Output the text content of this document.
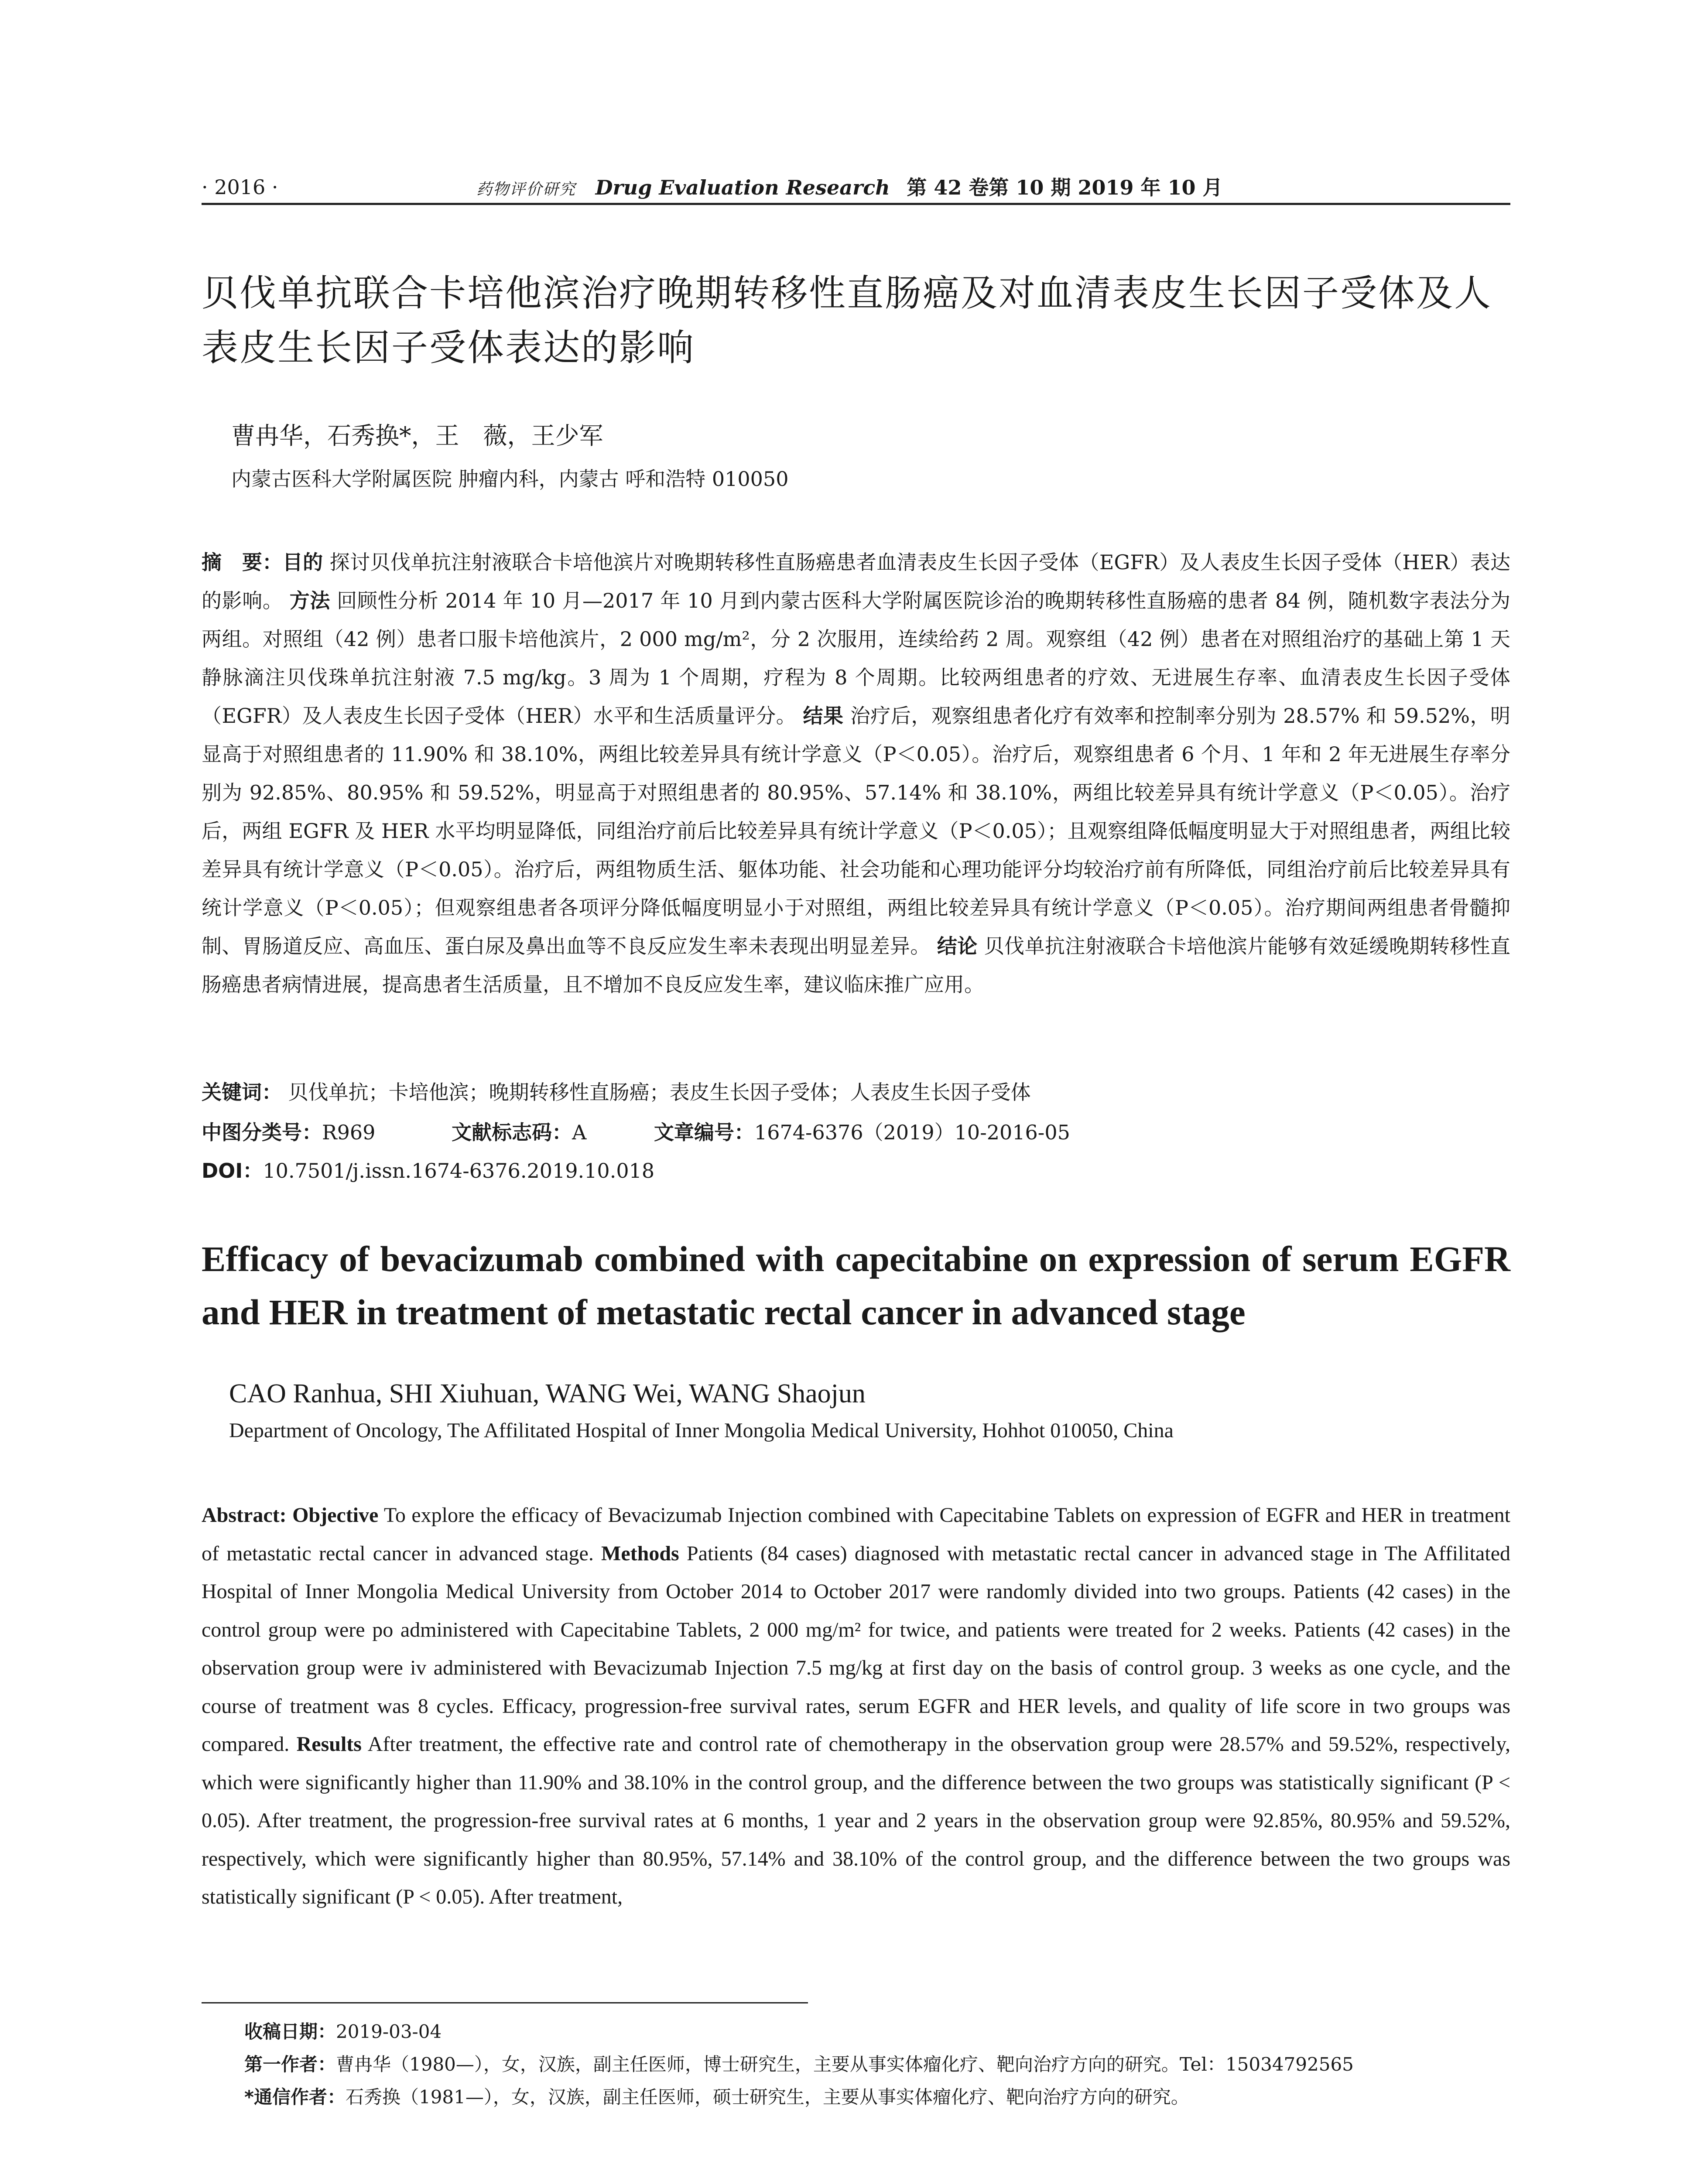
· 2016 ·	药物评价研究 Drug Evaluation Research 第 42 卷第 10 期 2019 年 10 月
贝伐单抗联合卡培他滨治疗晚期转移性直肠癌及对血清表皮生长因子受体及人表皮生长因子受体表达的影响
曹冉华，石秀换*，王　薇，王少军
内蒙古医科大学附属医院 肿瘤内科，内蒙古 呼和浩特 010050

摘　要：目的 探讨贝伐单抗注射液联合卡培他滨片对晚期转移性直肠癌患者血清表皮生长因子受体（EGFR）及人表皮生长因子受体（HER）表达的影响。 方法 回顾性分析 2014 年 10 月—2017 年 10 月到内蒙古医科大学附属医院诊治的晚期转移性直肠癌的患者 84 例，随机数字表法分为两组。对照组（42 例）患者口服卡培他滨片，2 000 mg/m²，分 2 次服用，连续给药 2 周。观察组（42 例）患者在对照组治疗的基础上第 1 天静脉滴注贝伐珠单抗注射液 7.5 mg/kg。3 周为 1 个周期，疗程为 8 个周期。比较两组患者的疗效、无进展生存率、血清表皮生长因子受体（EGFR）及人表皮生长因子受体（HER）水平和生活质量评分。 结果 治疗后，观察组患者化疗有效率和控制率分别为 28.57% 和 59.52%，明显高于对照组患者的 11.90% 和 38.10%，两组比较差异具有统计学意义（P＜0.05）。治疗后，观察组患者 6 个月、1 年和 2 年无进展生存率分别为 92.85%、80.95% 和 59.52%，明显高于对照组患者的 80.95%、57.14% 和 38.10%，两组比较差异具有统计学意义（P＜0.05）。治疗后，两组 EGFR 及 HER 水平均明显降低，同组治疗前后比较差异具有统计学意义（P＜0.05）；且观察组降低幅度明显大于对照组患者，两组比较差异具有统计学意义（P＜0.05）。治疗后，两组物质生活、躯体功能、社会功能和心理功能评分均较治疗前有所降低，同组治疗前后比较差异具有统计学意义（P＜0.05）；但观察组患者各项评分降低幅度明显小于对照组，两组比较差异具有统计学意义（P＜0.05）。治疗期间两组患者骨髓抑制、胃肠道反应、高血压、蛋白尿及鼻出血等不良反应发生率未表现出明显差异。 结论 贝伐单抗注射液联合卡培他滨片能够有效延缓晚期转移性直肠癌患者病情进展，提高患者生活质量，且不增加不良反应发生率，建议临床推广应用。

关键词： 贝伐单抗；卡培他滨；晚期转移性直肠癌；表皮生长因子受体；人表皮生长因子受体
中图分类号：R969	文献标志码：A	文章编号：1674-6376（2019）10-2016-05
DOI：10.7501/j.issn.1674-6376.2019.10.018
Efficacy of bevacizumab combined with capecitabine on expression of serum EGFR and HER in treatment of metastatic rectal cancer in advanced stage
CAO Ranhua, SHI Xiuhuan, WANG Wei, WANG Shaojun
Department of Oncology, The Affilitated Hospital of Inner Mongolia Medical University, Hohhot 010050, China

Abstract: Objective To explore the efficacy of Bevacizumab Injection combined with Capecitabine Tablets on expression of EGFR and HER in treatment of metastatic rectal cancer in advanced stage. Methods Patients (84 cases) diagnosed with metastatic rectal cancer in advanced stage in The Affilitated Hospital of Inner Mongolia Medical University from October 2014 to October 2017 were randomly divided into two groups. Patients (42 cases) in the control group were po administered with Capecitabine Tablets, 2 000 mg/m² for twice, and patients were treated for 2 weeks. Patients (42 cases) in the observation group were iv administered with Bevacizumab Injection 7.5 mg/kg at first day on the basis of control group. 3 weeks as one cycle, and the course of treatment was 8 cycles. Efficacy, progression-free survival rates, serum EGFR and HER levels, and quality of life score in two groups was compared. Results After treatment, the effective rate and control rate of chemotherapy in the observation group were 28.57% and 59.52%, respectively, which were significantly higher than 11.90% and 38.10% in the control group, and the difference between the two groups was statistically significant (P < 0.05). After treatment, the progression-free survival rates at 6 months, 1 year and 2 years in the observation group were 92.85%, 80.95% and 59.52%, respectively, which were significantly higher than 80.95%, 57.14% and 38.10% of the control group, and the difference between the two groups was statistically significant (P < 0.05). After treatment,

收稿日期：2019-03-04
第一作者：曹冉华（1980—），女，汉族，副主任医师，博士研究生，主要从事实体瘤化疗、靶向治疗方向的研究。Tel：15034792565
*通信作者：石秀换（1981—），女，汉族，副主任医师，硕士研究生，主要从事实体瘤化疗、靶向治疗方向的研究。
